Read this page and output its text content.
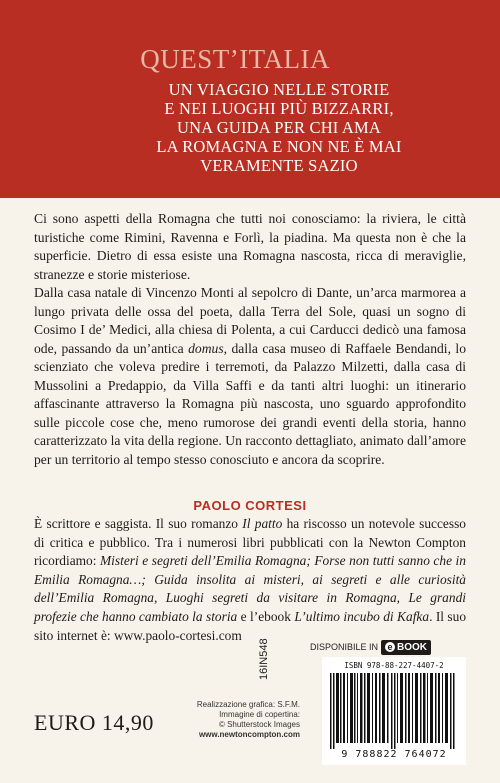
QUEST’ITALIA
UN VIAGGIO NELLE STORIE
E NEI LUOGHI PIÙ BIZZARRI,
UNA GUIDA PER CHI AMA
LA ROMAGNA E NON NE È MAI
VERAMENTE SAZIO

Ci sono aspetti della Romagna che tutti noi conosciamo: la riviera, le città turistiche come Rimini, Ravenna e Forlì, la piadina. Ma questa non è che la superficie. Dietro di essa esiste una Romagna nascosta, ricca di meraviglie, stranezze e storie misteriose.

Dalla casa natale di Vincenzo Monti al sepolcro di Dante, un’arca marmorea a lungo privata delle ossa del poeta, dalla Terra del Sole, quasi un sogno di Cosimo I de’ Medici, alla chiesa di Polenta, a cui Carducci dedicò una famosa ode, passando da un’antica domus, dalla casa museo di Raffaele Bendandi, lo scienziato che voleva predire i terremoti, da Palazzo Milzetti, dalla casa di Mussolini a Predappio, da Villa Saffi e da tanti altri luoghi: un itinerario affascinante attraverso la Romagna più nascosta, uno sguardo approfondito sulle piccole cose che, meno rumorose dei grandi eventi della storia, hanno caratterizzato la vita della regione. Un racconto dettagliato, animato dall’amore per un territorio al tempo stesso conosciuto e ancora da scoprire.

PAOLO CORTESI
È scrittore e saggista. Il suo romanzo Il patto ha riscosso un notevole successo di critica e pubblico. Tra i numerosi libri pubblicati con la Newton Compton ricordiamo: Misteri e segreti dell’Emilia Romagna; Forse non tutti sanno che in Emilia Romagna…; Guida insolita ai misteri, ai segreti e alle curiosità dell’Emilia Romagna, Luoghi segreti da visitare in Romagna, Le grandi profezie che hanno cambiato la storia e l’ebook L’ultimo incubo di Kafka. Il suo sito internet è: www.paolo-cortesi.com
DISPONIBILE IN e BOOK
EURO 14,90
16IN548
Realizzazione grafica: S.F.M.
Immagine di copertina:
© Shutterstock Images
www.newtoncompton.com
ISBN 978-88-227-4407-2
9 788822 764072
